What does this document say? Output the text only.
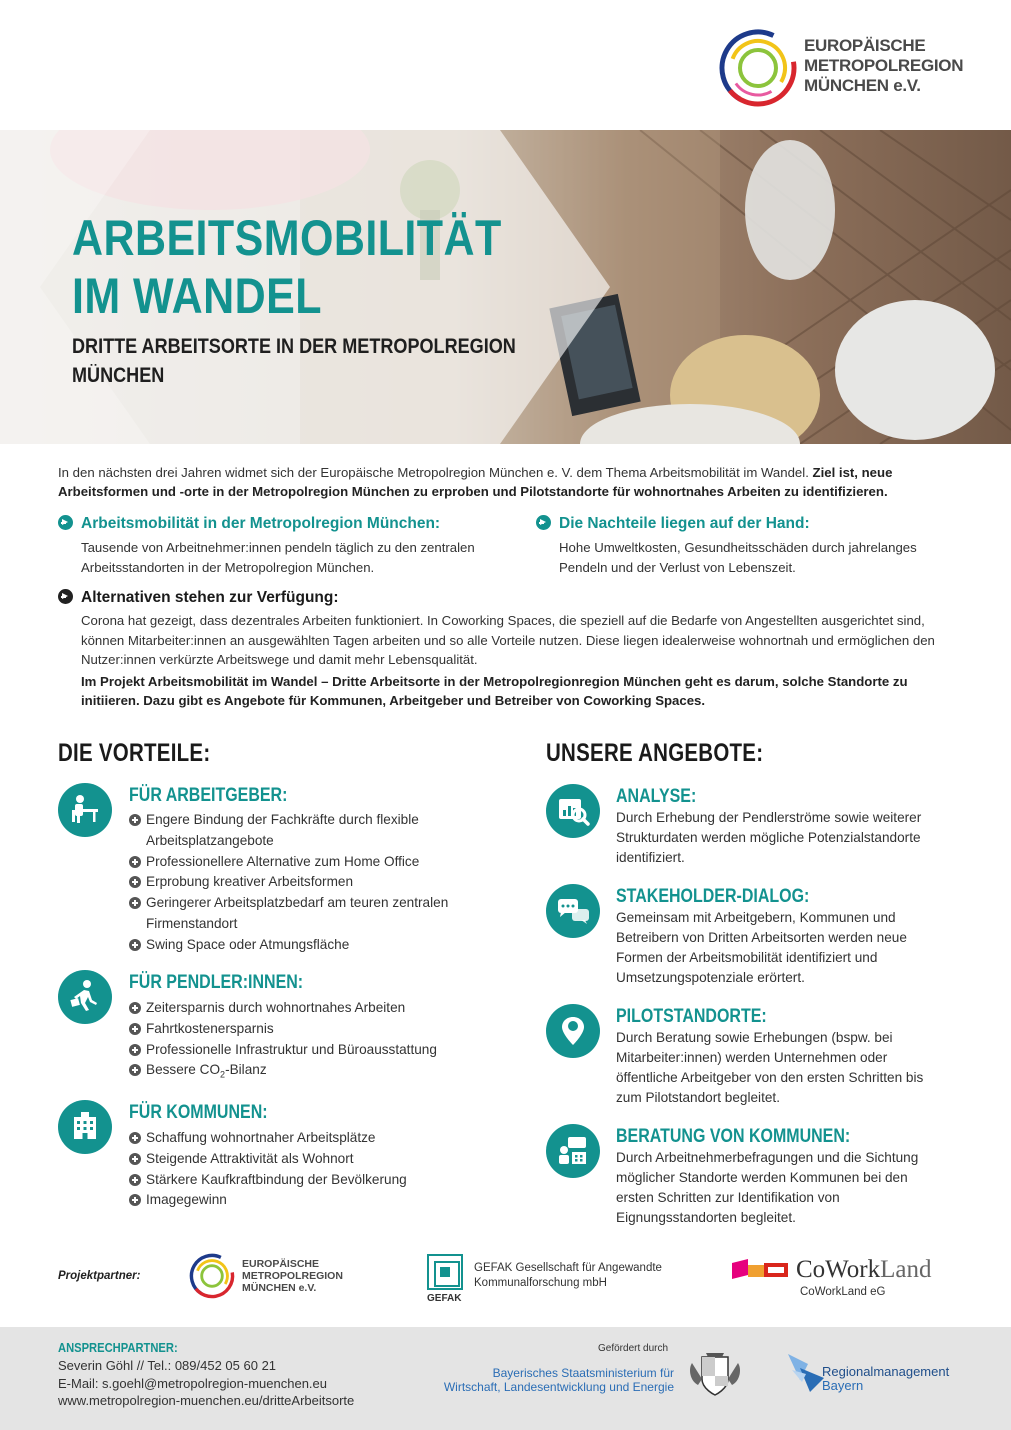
EUROPÄISCHE
METROPOLREGION
MÜNCHEN e.V.
ARBEITSMOBILITÄT
IM WANDEL
DRITTE ARBEITSORTE IN DER METROPOLREGION
MÜNCHEN
In den nächsten drei Jahren widmet sich der Europäische Metropolregion München e. V. dem Thema Arbeitsmobilität im Wandel. Ziel ist, neue Arbeitsformen und -orte in der Metropolregion München zu erproben und Pilotstandorte für wohnortnahes Arbeiten zu identifizieren.
Arbeitsmobilität in der Metropolregion München:
Tausende von Arbeitnehmer:innen pendeln täglich zu den zentralen Arbeitsstandorten in der Metropolregion München.
Die Nachteile liegen auf der Hand:
Hohe Umweltkosten, Gesundheitsschäden durch jahrelanges Pendeln und der Verlust von Lebenszeit.
Alternativen stehen zur Verfügung:
Corona hat gezeigt, dass dezentrales Arbeiten funktioniert. In Coworking Spaces, die speziell auf die Bedarfe von Angestellten ausgerichtet sind, können Mitarbeiter:innen an ausgewählten Tagen arbeiten und so alle Vorteile nutzen. Diese liegen idealerweise wohnortnah und ermöglichen den Nutzer:innen verkürzte Arbeitswege und damit mehr Lebensqualität.
Im Projekt Arbeitsmobilität im Wandel – Dritte Arbeitsorte in der Metropolregionregion München geht es darum, solche Standorte zu initiieren. Dazu gibt es Angebote für Kommunen, Arbeitgeber und Betreiber von Coworking Spaces.
DIE VORTEILE:
FÜR ARBEITGEBER:
Engere Bindung der Fachkräfte durch flexible Arbeitsplatzangebote
Professionellere Alternative zum Home Office
Erprobung kreativer Arbeitsformen
Geringerer Arbeitsplatzbedarf am teuren zentralen Firmenstandort
Swing Space oder Atmungsfläche
FÜR PENDLER:INNEN:
Zeitersparnis durch wohnortnahes Arbeiten
Fahrtkostenersparnis
Professionelle Infrastruktur und Büroausstattung
Bessere $CO_2$-Bilanz
FÜR KOMMUNEN:
Schaffung wohnortnaher Arbeitsplätze
Steigende Attraktivität als Wohnort
Stärkere Kaufkraftbindung der Bevölkerung
Imagegewinn
UNSERE ANGEBOTE:
ANALYSE:
Durch Erhebung der Pendlerströme sowie weiterer Strukturdaten werden mögliche Potenzialstandorte identifiziert.
STAKEHOLDER-DIALOG:
Gemeinsam mit Arbeitgebern, Kommunen und Betreibern von Dritten Arbeitsorten werden neue Formen der Arbeitsmobilität identifiziert und Umsetzungspotenziale erörtert.
PILOTSTANDORTE:
Durch Beratung sowie Erhebungen (bspw. bei Mitarbeiter:innen) werden Unternehmen oder öffentliche Arbeitgeber von den ersten Schritten bis zum Pilotstandort begleitet.
BERATUNG VON KOMMUNEN:
Durch Arbeitnehmerbefragungen und die Sichtung möglicher Standorte werden Kommunen bei den ersten Schritten zur Identifikation von Eignungsstandorten begleitet.
Projektpartner:
EUROPÄISCHE
METROPOLREGION
MÜNCHEN e.V.
GEFAK
GEFAK Gesellschaft für Angewandte
Kommunalforschung mbH	CoWorkLand
CoWorkLand eG
ANSPRECHPARTNER:
Severin Göhl // Tel.: 089/452 05 60 21
E-Mail: s.goehl@metropolregion-muenchen.eu
www.metropolregion-muenchen.eu/dritteArbeitsorte
Gefördert durch
Bayerisches Staatsministerium für
Wirtschaft, Landesentwicklung und Energie
Regionalmanagement
Bayern
